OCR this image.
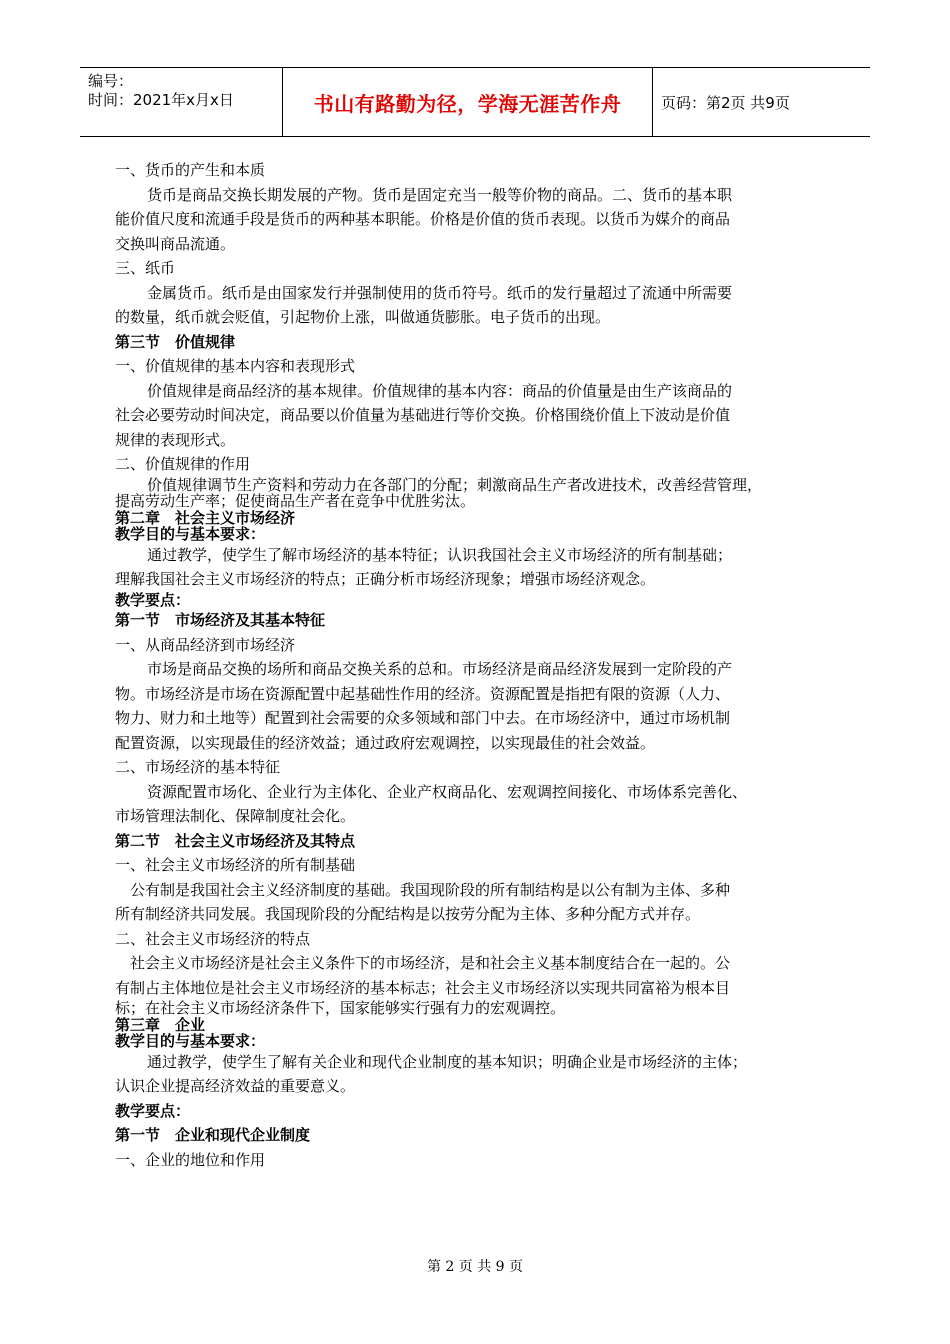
编号：
时间：2021年x月x日	书山有路勤为径，学海无涯苦作舟	页码：第2页 共9页

一、货币的产生和本质

货币是商品交换长期发展的产物。货币是固定充当一般等价物的商品。二、货币的基本职

能价值尺度和流通手段是货币的两种基本职能。价格是价值的货币表现。以货币为媒介的商品

交换叫商品流通。

三、纸币

金属货币。纸币是由国家发行并强制使用的货币符号。纸币的发行量超过了流通中所需要

的数量，纸币就会贬值，引起物价上涨，叫做通货膨胀。电子货币的出现。

第三节　价值规律

一、价值规律的基本内容和表现形式

价值规律是商品经济的基本规律。价值规律的基本内容：商品的价值量是由生产该商品的

社会必要劳动时间决定，商品要以价值量为基础进行等价交换。价格围绕价值上下波动是价值

规律的表现形式。

二、价值规律的作用

价值规律调节生产资料和劳动力在各部门的分配；刺激商品生产者改进技术，改善经营管理，

提高劳动生产率；促使商品生产者在竞争中优胜劣汰。

第二章　社会主义市场经济

教学目的与基本要求：

通过教学，使学生了解市场经济的基本特征；认识我国社会主义市场经济的所有制基础；

理解我国社会主义市场经济的特点；正确分析市场经济现象；增强市场经济观念。

教学要点：

第一节　市场经济及其基本特征

一、从商品经济到市场经济

市场是商品交换的场所和商品交换关系的总和。市场经济是商品经济发展到一定阶段的产

物。市场经济是市场在资源配置中起基础性作用的经济。资源配置是指把有限的资源（人力、

物力、财力和土地等）配置到社会需要的众多领域和部门中去。在市场经济中，通过市场机制

配置资源，以实现最佳的经济效益；通过政府宏观调控，以实现最佳的社会效益。

二、市场经济的基本特征

资源配置市场化、企业行为主体化、企业产权商品化、宏观调控间接化、市场体系完善化、

市场管理法制化、保障制度社会化。

第二节　社会主义市场经济及其特点

一、社会主义市场经济的所有制基础

公有制是我国社会主义经济制度的基础。我国现阶段的所有制结构是以公有制为主体、多种

所有制经济共同发展。我国现阶段的分配结构是以按劳分配为主体、多种分配方式并存。

二、社会主义市场经济的特点

社会主义市场经济是社会主义条件下的市场经济，是和社会主义基本制度结合在一起的。公

有制占主体地位是社会主义市场经济的基本标志；社会主义市场经济以实现共同富裕为根本目

标；在社会主义市场经济条件下，国家能够实行强有力的宏观调控。

第三章　企业

教学目的与基本要求：

通过教学，使学生了解有关企业和现代企业制度的基本知识；明确企业是市场经济的主体；

认识企业提高经济效益的重要意义。

教学要点：

第一节　企业和现代企业制度

一、企业的地位和作用

第 2 页 共 9 页
